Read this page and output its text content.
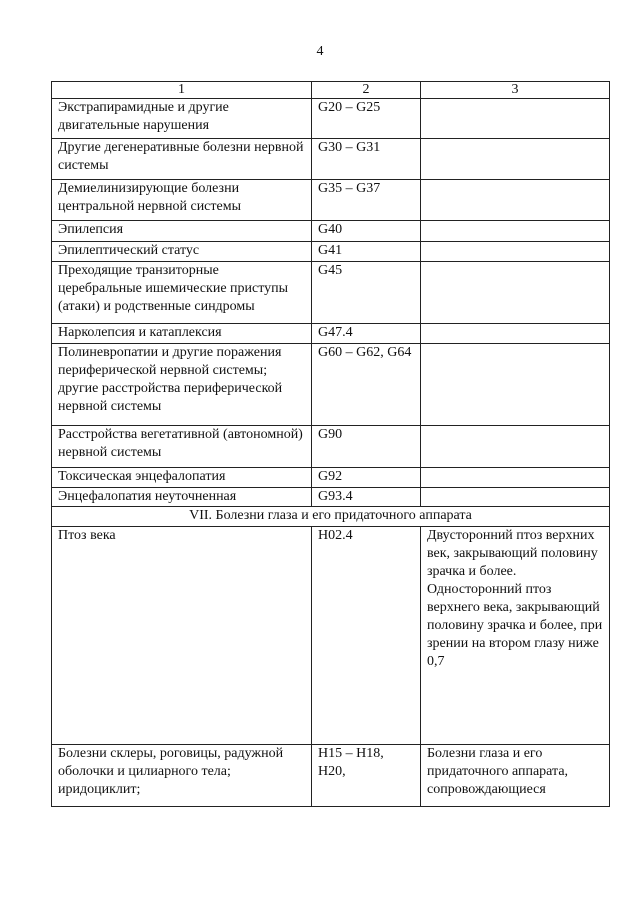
4
1	2	3
Экстрапирамидные и другие двигательные нарушения	G20 – G25	
Другие дегенеративные болезни нервной системы	G30 – G31	
Демиелинизирующие болезни центральной нервной системы	G35 – G37	
Эпилепсия	G40	
Эпилептический статус	G41	
Преходящие транзиторные церебральные ишемические приступы (атаки) и родственные синдромы	G45	
Нарколепсия и катаплексия	G47.4	
Полиневропатии и другие поражения периферической нервной системы; другие расстройства периферической нервной системы	G60 – G62, G64	
Расстройства вегетативной (автономной) нервной системы	G90	
Токсическая энцефалопатия	G92	
Энцефалопатия неуточненная	G93.4	
VII. Болезни глаза и его придаточного аппарата		
Птоз века	H02.4	Двусторонний птоз верхних век, закрывающий половину зрачка и более. Односторонний птоз верхнего века, закрывающий половину зрачка и более, при зрении на втором глазу ниже 0,7
Болезни склеры, роговицы, радужной оболочки и цилиарного тела; иридоциклит;	H15 – H18, H20,	Болезни глаза и его придаточного аппарата, сопровождающиеся
